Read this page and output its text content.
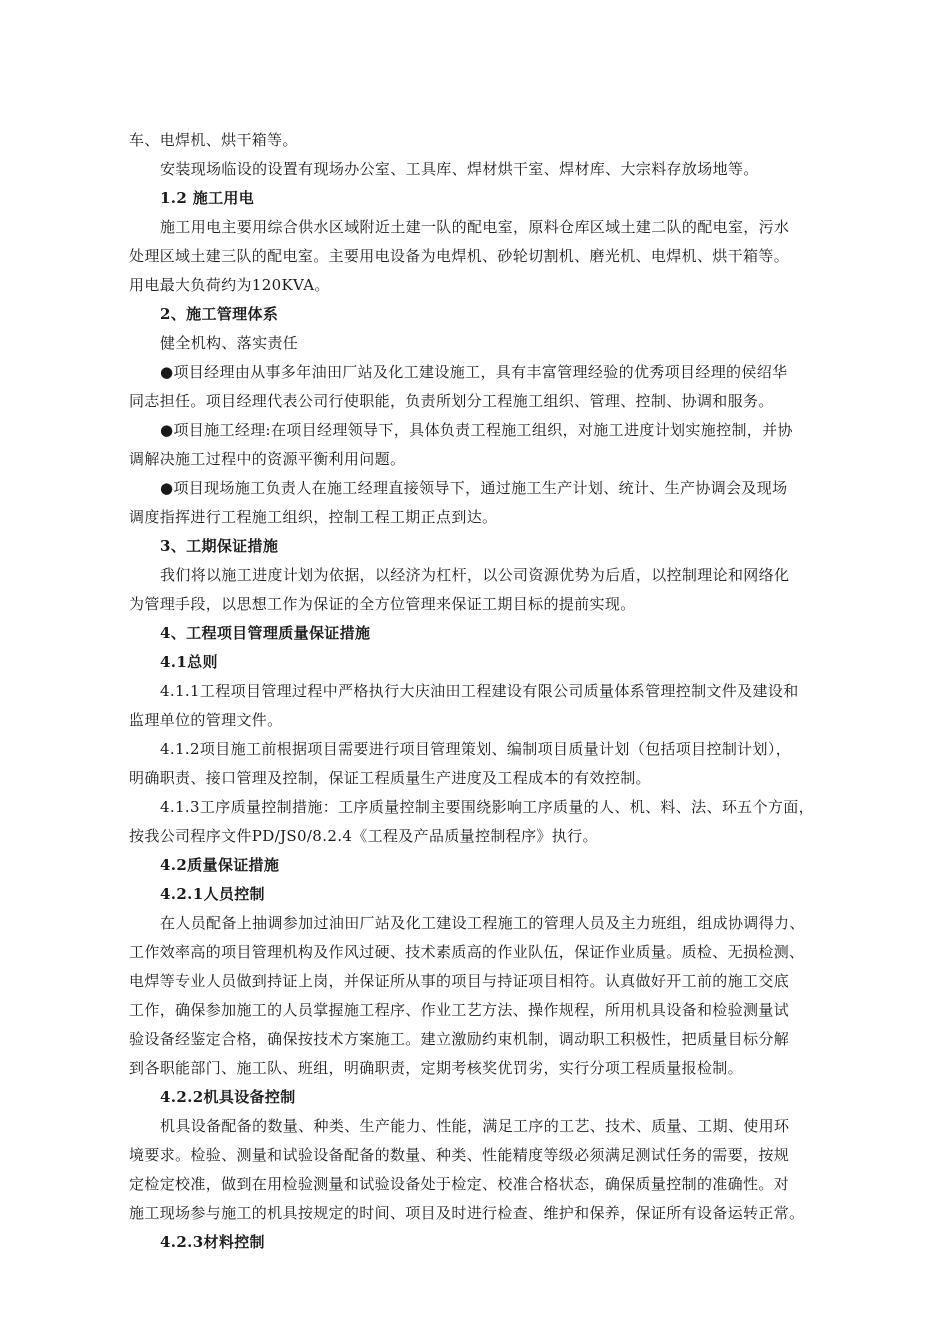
车、电焊机、烘干箱等。
安装现场临设的设置有现场办公室、工具库、焊材烘干室、焊材库、大宗料存放场地等。
1.2 施工用电
施工用电主要用综合供水区域附近土建一队的配电室，原料仓库区域土建二队的配电室，污水
处理区域土建三队的配电室。主要用电设备为电焊机、砂轮切割机、磨光机、电焊机、烘干箱等。
用电最大负荷约为120KVA。
2、施工管理体系
健全机构、落实责任
●项目经理由从事多年油田厂站及化工建设施工，具有丰富管理经验的优秀项目经理的侯绍华
同志担任。项目经理代表公司行使职能，负责所划分工程施工组织、管理、控制、协调和服务。
●项目施工经理:在项目经理领导下，具体负责工程施工组织，对施工进度计划实施控制，并协
调解决施工过程中的资源平衡利用问题。
●项目现场施工负责人在施工经理直接领导下，通过施工生产计划、统计、生产协调会及现场
调度指挥进行工程施工组织，控制工程工期正点到达。
3、工期保证措施
我们将以施工进度计划为依据，以经济为杠杆，以公司资源优势为后盾，以控制理论和网络化
为管理手段，以思想工作为保证的全方位管理来保证工期目标的提前实现。
4、工程项目管理质量保证措施
4.1总则
4.1.1工程项目管理过程中严格执行大庆油田工程建设有限公司质量体系管理控制文件及建设和
监理单位的管理文件。
4.1.2项目施工前根据项目需要进行项目管理策划、编制项目质量计划（包括项目控制计划），
明确职责、接口管理及控制，保证工程质量生产进度及工程成本的有效控制。
4.1.3工序质量控制措施：工序质量控制主要围绕影响工序质量的人、机、料、法、环五个方面，
按我公司程序文件PD/JS0/8.2.4《工程及产品质量控制程序》执行。
4.2质量保证措施
4.2.1人员控制
在人员配备上抽调参加过油田厂站及化工建设工程施工的管理人员及主力班组，组成协调得力、
工作效率高的项目管理机构及作风过硬、技术素质高的作业队伍，保证作业质量。质检、无损检测、
电焊等专业人员做到持证上岗，并保证所从事的项目与持证项目相符。认真做好开工前的施工交底
工作，确保参加施工的人员掌握施工程序、作业工艺方法、操作规程，所用机具设备和检验测量试
验设备经鉴定合格，确保按技术方案施工。建立激励约束机制，调动职工积极性，把质量目标分解
到各职能部门、施工队、班组，明确职责，定期考核奖优罚劣，实行分项工程质量报检制。
4.2.2机具设备控制
机具设备配备的数量、种类、生产能力、性能，满足工序的工艺、技术、质量、工期、使用环
境要求。检验、测量和试验设备配备的数量、种类、性能精度等级必须满足测试任务的需要，按规
定检定校准，做到在用检验测量和试验设备处于检定、校准合格状态，确保质量控制的准确性。对
施工现场参与施工的机具按规定的时间、项目及时进行检查、维护和保养，保证所有设备运转正常。
4.2.3材料控制
